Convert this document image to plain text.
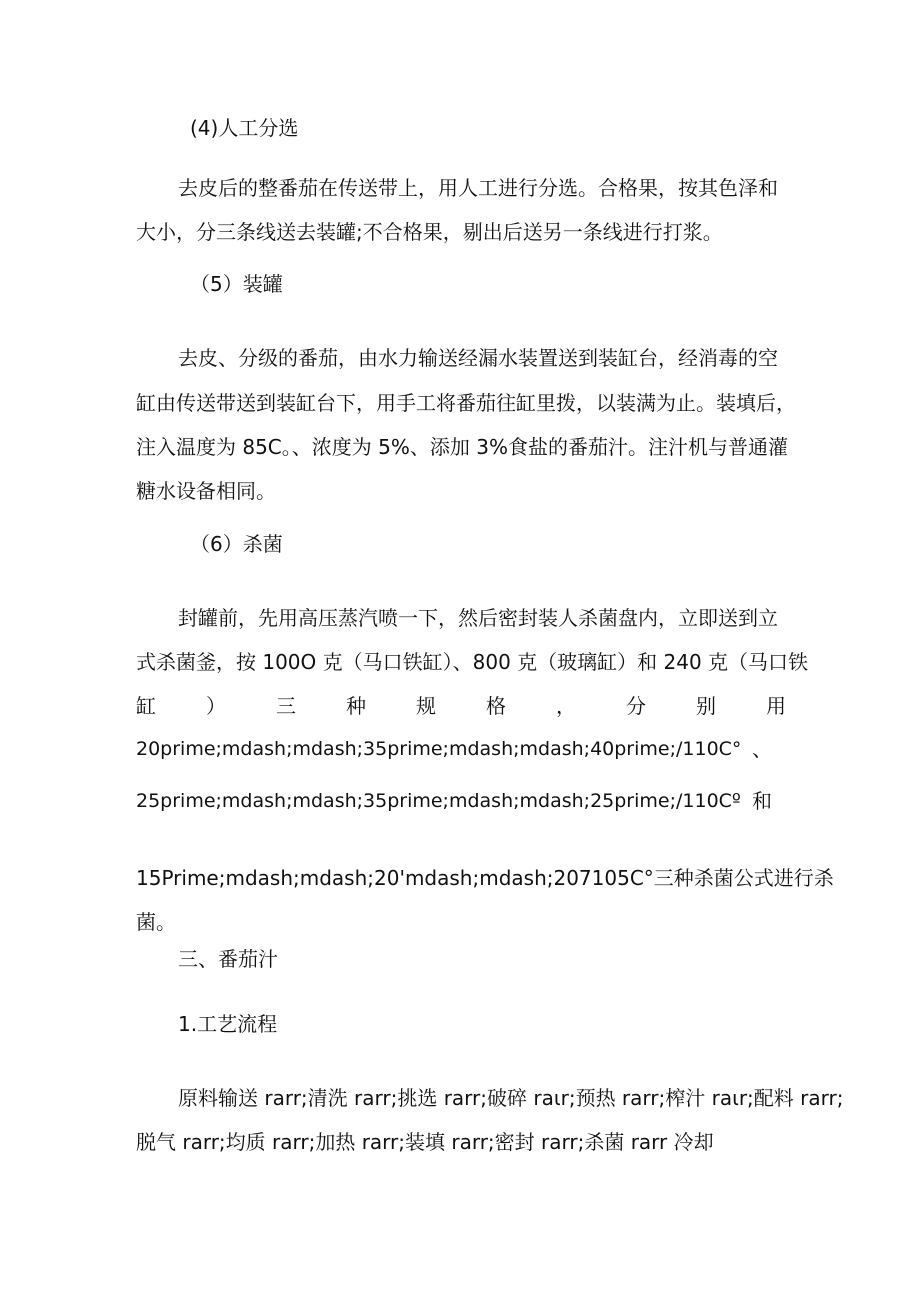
(4)人工分选
去皮后的整番茄在传送带上，用人工进行分选。合格果，按其色泽和
大小，分三条线送去装罐;不合格果，剔出后送另一条线进行打浆。
（5）装罐
去皮、分级的番茄，由水力输送经漏水装置送到装缸台，经消毒的空
缸由传送带送到装缸台下，用手工将番茄往缸里拨，以装满为止。装填后，
注入温度为 85C。、浓度为 5%、添加 3%食盐的番茄汁。注汁机与普通灌
糖水设备相同。
（6）杀菌
封罐前，先用高压蒸汽喷一下，然后密封装人杀菌盘内，立即送到立
式杀菌釜，按 100O 克（马口铁缸）、800 克（玻璃缸）和 240 克（马口铁
缸	）	三	种	规	格	，	分	别	用
20prime;mdash;mdash;35prime;mdash;mdash;40prime;/110C° 、
25prime;mdash;mdash;35prime;mdash;mdash;25prime;/110Cº 和
15Prime;mdash;mdash;20'mdash;mdash;207105C°三种杀菌公式进行杀
菌。
三、番茄汁
1.工艺流程
原料输送 rarr;清洗 rarr;挑选 rarr;破碎 raιr;预热 rarr;榨汁 raιr;配料 rarr;
脱气 rarr;均质 rarr;加热 rarr;装填 rarr;密封 rarr;杀菌 rarr 冷却
